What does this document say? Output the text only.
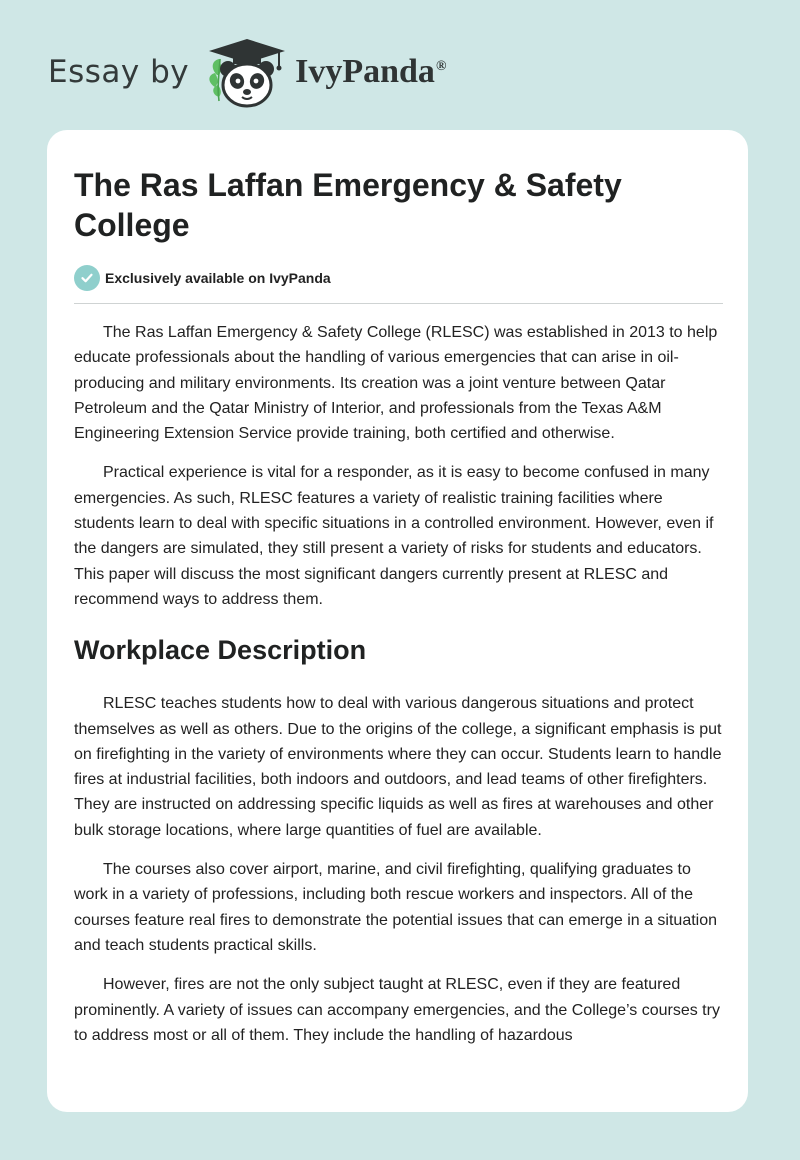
Essay by	IvyPanda®
The Ras Laffan Emergency & Safety College
Exclusively available on IvyPanda

The Ras Laffan Emergency & Safety College (RLESC) was established in 2013 to help educate professionals about the handling of various emergencies that can arise in oil-producing and military environments. Its creation was a joint venture between Qatar Petroleum and the Qatar Ministry of Interior, and professionals from the Texas A&M Engineering Extension Service provide training, both certified and otherwise.

Practical experience is vital for a responder, as it is easy to become confused in many emergencies. As such, RLESC features a variety of realistic training facilities where students learn to deal with specific situations in a controlled environment. However, even if the dangers are simulated, they still present a variety of risks for students and educators. This paper will discuss the most significant dangers currently present at RLESC and recommend ways to address them.

Workplace Description

RLESC teaches students how to deal with various dangerous situations and protect themselves as well as others. Due to the origins of the college, a significant emphasis is put on firefighting in the variety of environments where they can occur. Students learn to handle fires at industrial facilities, both indoors and outdoors, and lead teams of other firefighters. They are instructed on addressing specific liquids as well as fires at warehouses and other bulk storage locations, where large quantities of fuel are available.

The courses also cover airport, marine, and civil firefighting, qualifying graduates to work in a variety of professions, including both rescue workers and inspectors. All of the courses feature real fires to demonstrate the potential issues that can emerge in a situation and teach students practical skills.

However, fires are not the only subject taught at RLESC, even if they are featured prominently. A variety of issues can accompany emergencies, and the College’s courses try to address most or all of them. They include the handling of hazardous
